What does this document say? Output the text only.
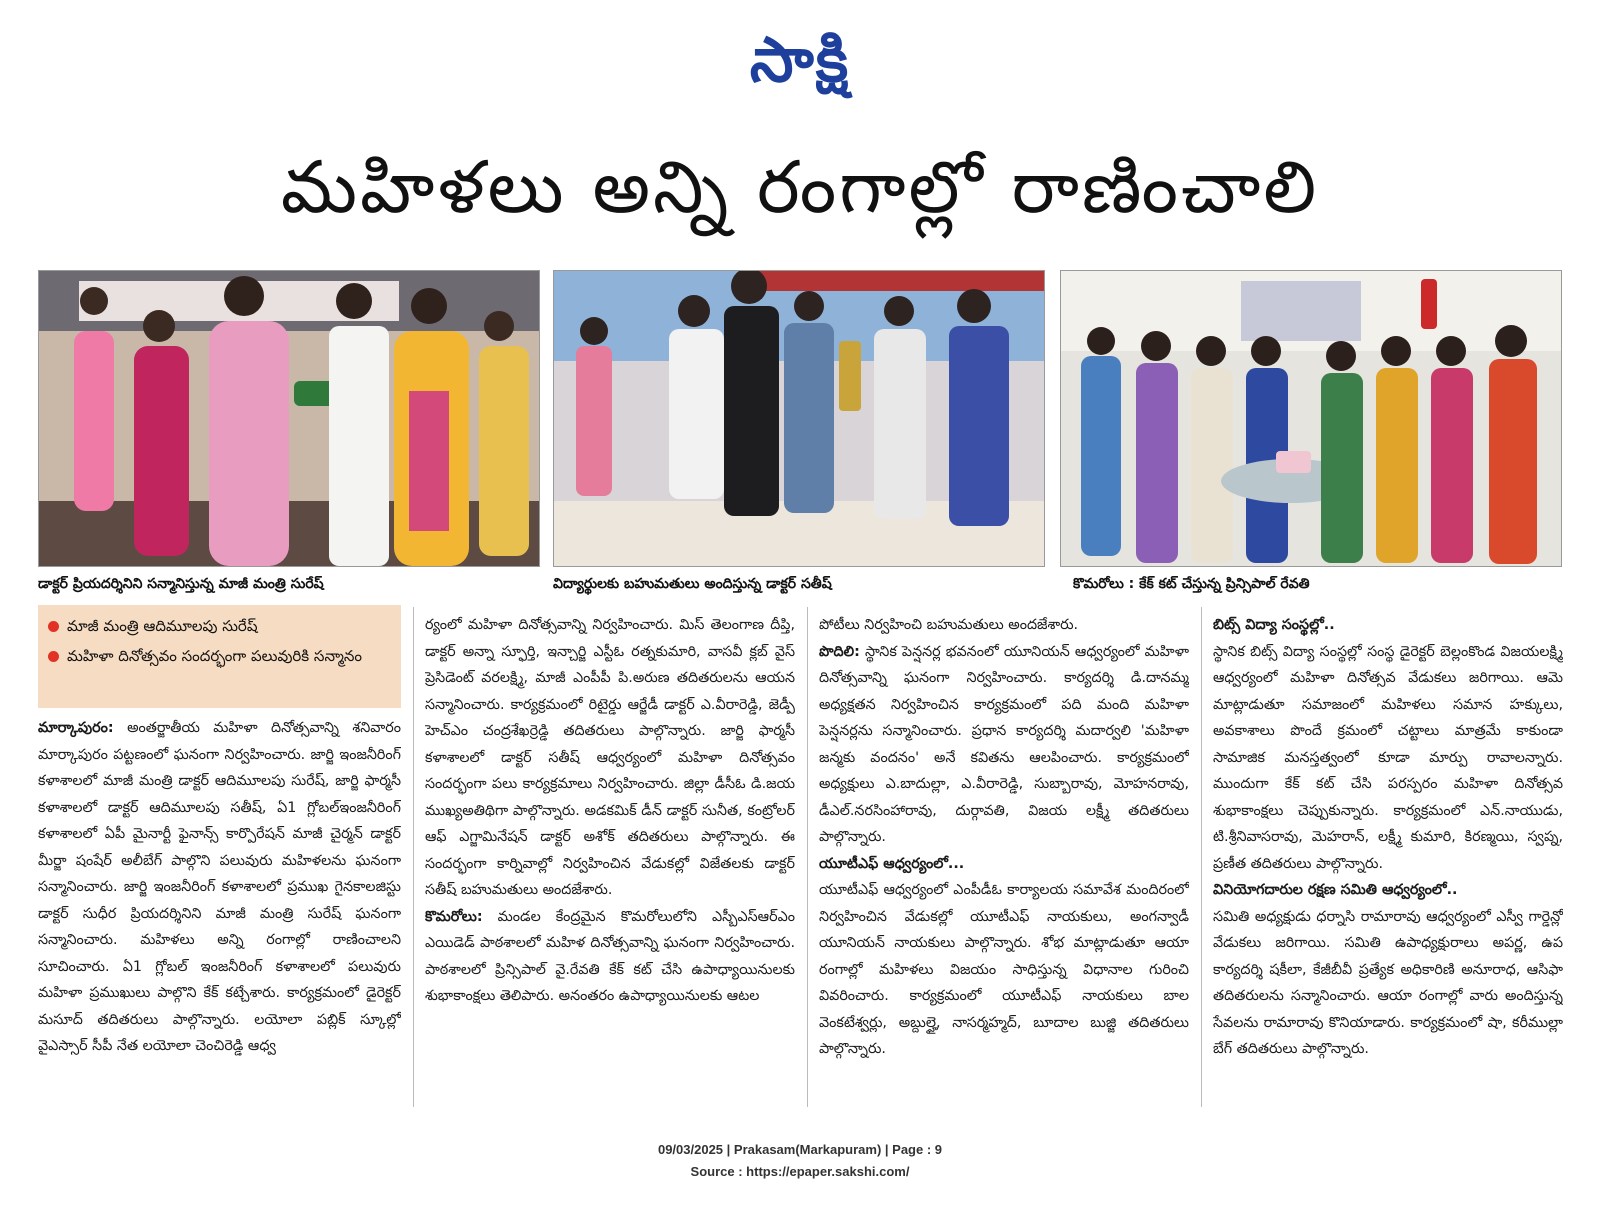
సాక్షి
మహిళలు అన్ని రంగాల్లో రాణించాలి
డాక్టర్ ప్రియదర్శినిని సన్మానిస్తున్న మాజీ మంత్రి సురేష్	విద్యార్థులకు బహుమతులు అందిస్తున్న డాక్టర్ సతీష్	కొమరోలు : కేక్ కట్ చేస్తున్న ప్రిన్సిపాల్ రేవతి
మాజీ మంత్రి ఆదిమూలపు సురేష్
మహిళా దినోత్సవం సందర్భంగా పలువురికి సన్మానం

మార్కాపురం: అంతర్జాతీయ మహిళా దినోత్సవాన్ని శనివారం మార్కాపురం పట్టణంలో ఘనంగా నిర్వహించారు. జార్జి ఇంజనీరింగ్ కళాశాలలో మాజీ మంత్రి డాక్టర్ ఆదిమూలపు సురేష్, జార్జి ఫార్మసీ కళాశాలలో డాక్టర్ ఆదిమూలపు సతీష్, ఏ1 గ్లోబల్ఇంజనీరింగ్ కళాశాలలో ఏపీ మైనార్టీ ఫైనాన్స్ కార్పొరేషన్ మాజీ చైర్మన్ డాక్టర్ మీర్జా షంషేర్ అలీబేగ్ పాల్గొని పలువురు మహిళలను ఘనంగా సన్మానించారు. జార్జి ఇంజనీరింగ్ కళాశాలలో ప్రముఖ గైనకాలజిస్టు డాక్టర్ సుధీర ప్రియదర్శినిని మాజీ మంత్రి సురేష్ ఘనంగా సన్మానించారు. మహిళలు అన్ని రంగాల్లో రాణించాలని సూచించారు. ఏ1 గ్లోబల్ ఇంజనీరింగ్ కళాశాలలో పలువురు మహిళా ప్రముఖులు పాల్గొని కేక్ కట్చేశారు. కార్యక్రమంలో డైరెక్టర్ మసూద్ తదితరులు పాల్గొన్నారు. లయోలా పబ్లిక్ స్కూల్లో వైఎస్సార్ సీపీ నేత లయోలా చెంచిరెడ్డి ఆధ్వ

ర్యంలో మహిళా దినోత్సవాన్ని నిర్వహించారు. మిస్ తెలంగాణ దీప్తి, డాక్టర్ అన్నా స్ఫూర్తి, ఇన్చార్జి ఎస్టీఓ రత్నకుమారి, వాసవీ క్లబ్ వైస్ ప్రెసిడెంట్ వరలక్ష్మి, మాజీ ఎంపీపీ పి.అరుణ తదితరులను ఆయన సన్మానించారు. కార్యక్రమంలో రిటైర్డు ఆర్జేడీ డాక్టర్ ఎ.వీరారెడ్డి, జెడ్పీ హెచ్ఎం చంద్రశేఖర్రెడ్డి తదితరులు పాల్గొన్నారు. జార్జి ఫార్మసీ కళాశాలలో డాక్టర్ సతీష్ ఆధ్వర్యంలో మహిళా దినోత్సవం సందర్భంగా పలు కార్యక్రమాలు నిర్వహించారు. జిల్లా డీసీఓ డి.జయ ముఖ్యఅతిథిగా పాల్గొన్నారు. అడకమిక్ డీన్ డాక్టర్ సునీత, కంట్రోలర్ ఆఫ్ ఎగ్జామినేషన్ డాక్టర్ అశోక్ తదితరులు పాల్గొన్నారు. ఈ సందర్భంగా కార్నివాల్లో నిర్వహించిన వేడుకల్లో విజేతలకు డాక్టర్ సతీష్ బహుమతులు అందజేశారు.

కొమరోలు: మండల కేంద్రమైన కొమరోలులోని ఎస్బీఎస్ఆర్ఎం ఎయిడెడ్ పాఠశాలలో మహిళ దినోత్సవాన్ని ఘనంగా నిర్వహించారు. పాఠశాలలో ప్రిన్సిపాల్ వై.రేవతి కేక్ కట్ చేసి ఉపాధ్యాయినులకు శుభాకాంక్షలు తెలిపారు. అనంతరం ఉపాధ్యాయినులకు ఆటల

పోటీలు నిర్వహించి బహుమతులు అందజేశారు.

పొదిలి: స్థానిక పెన్షనర్ల భవనంలో యూనియన్ ఆధ్వర్యంలో మహిళా దినోత్సవాన్ని ఘనంగా నిర్వహించారు. కార్యదర్శి డి.దానమ్మ అధ్యక్షతన నిర్వహించిన కార్యక్రమంలో పది మంది మహిళా పెన్షనర్లను సన్మానించారు. ప్రధాన కార్యదర్శి మదార్వలి 'మహిళా జన్మకు వందనం' అనే కవితను ఆలపించారు. కార్యక్రమంలో అధ్యక్షులు ఎ.బాదుల్లా, ఎ.వీరారెడ్డి, సుబ్బారావు, మోహనరావు, డీఎల్.నరసింహారావు, దుర్గావతి, విజయ లక్ష్మీ తదితరులు పాల్గొన్నారు.

యూటీఎఫ్ ఆధ్వర్యంలో...

యూటీఎఫ్ ఆధ్వర్యంలో ఎంపీడీఓ కార్యాలయ సమావేశ మందిరంలో నిర్వహించిన వేడుకల్లో యూటీఎఫ్ నాయకులు, అంగన్వాడీ యూనియన్ నాయకులు పాల్గొన్నారు. శోభ మాట్లాడుతూ ఆయా రంగాల్లో మహిళలు విజయం సాధిస్తున్న విధానాల గురించి వివరించారు. కార్యక్రమంలో యూటీఎఫ్ నాయకులు బాల వెంకటేశ్వర్లు, అబ్దుల్హై, నాసర్మహ్మద్, బూదాల బుజ్జి తదితరులు పాల్గొన్నారు.

బిట్స్ విద్యా సంస్థల్లో..

స్థానిక బిట్స్ విద్యా సంస్థల్లో సంస్థ డైరెక్టర్ బెల్లంకొండ విజయలక్ష్మి ఆధ్వర్యంలో మహిళా దినోత్సవ వేడుకలు జరిగాయి. ఆమె మాట్లాడుతూ సమాజంలో మహిళలు సమాన హక్కులు, అవకాశాలు పొందే క్రమంలో చట్టాలు మాత్రమే కాకుండా సామాజిక మనస్తత్వంలో కూడా మార్పు రావాలన్నారు. ముందుగా కేక్ కట్ చేసి పరస్పరం మహిళా దినోత్సవ శుభాకాంక్షలు చెప్పుకున్నారు. కార్యక్రమంలో ఎన్.నాయుడు, టి.శ్రీనివాసరావు, మెహరాన్, లక్ష్మీ కుమారి, కిరణ్మయి, స్వప్న, ప్రణీత తదితరులు పాల్గొన్నారు.

వినియోగదారుల రక్షణ సమితి ఆధ్వర్యంలో..

సమితి అధ్యక్షుడు ధర్నాసి రామారావు ఆధ్వర్యంలో ఎస్వీ గార్డెన్లో వేడుకలు జరిగాయి. సమితి ఉపాధ్యక్షురాలు అపర్ణ, ఉప కార్యదర్శి షకీలా, కేజీబీవీ ప్రత్యేక అధికారిణి అనూరాధ, ఆసిఫా తదితరులను సన్మానించారు. ఆయా రంగాల్లో వారు అందిస్తున్న సేవలను రామారావు కొనియాడారు. కార్యక్రమంలో షా, కరీముల్లా బేగ్ తదితరులు పాల్గొన్నారు.

09/03/2025 | Prakasam(Markapuram) | Page : 9
Source : https://epaper.sakshi.com/
